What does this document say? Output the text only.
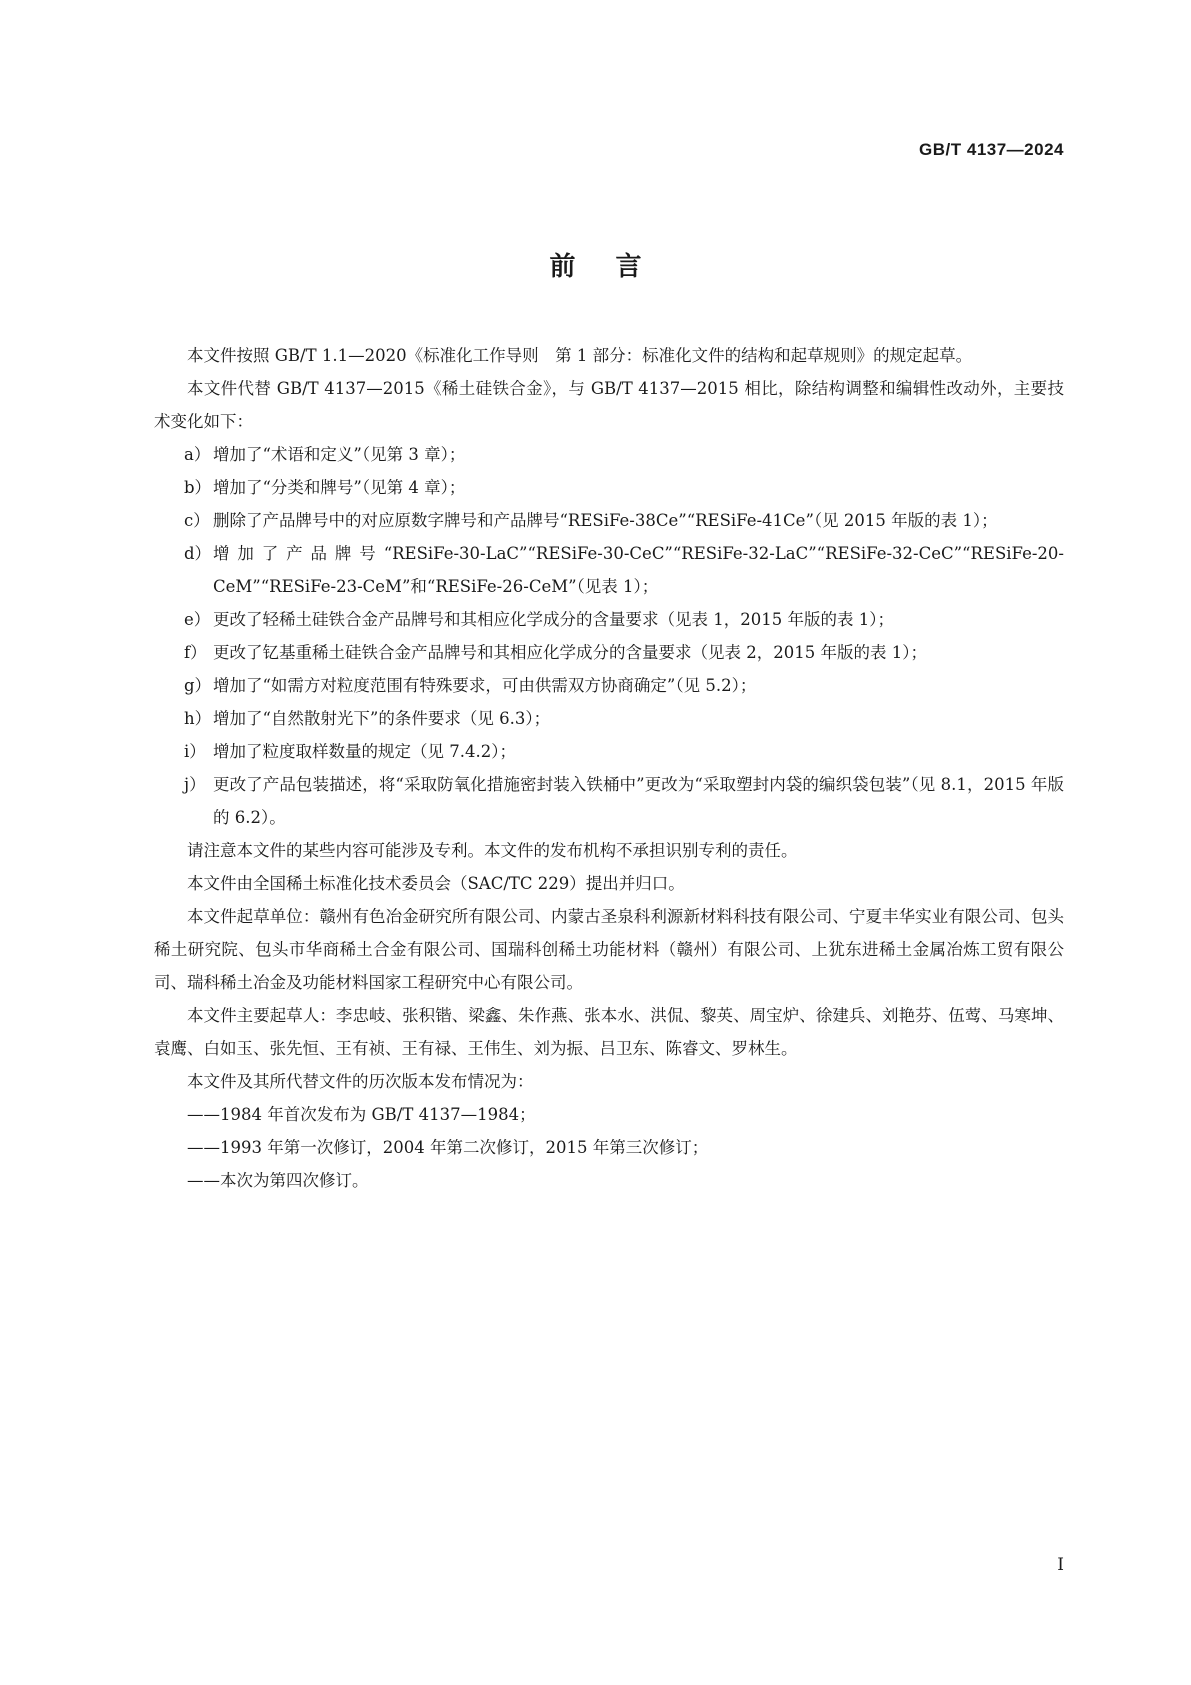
GB/T 4137—2024
前言

本文件按照 GB/T 1.1—2020《标准化工作导则　第 1 部分：标准化文件的结构和起草规则》的规定起草。

本文件代替 GB/T 4137—2015《稀土硅铁合金》，与 GB/T 4137—2015 相比，除结构调整和编辑性改动外，主要技术变化如下：

a） 增加了“术语和定义”（见第 3 章）；

b） 增加了“分类和牌号”（见第 4 章）；

c） 删除了产品牌号中的对应原数字牌号和产品牌号“RESiFe-38Ce”“RESiFe-41Ce”（见 2015 年版的表 1）；

d） 增加了产品牌号“RESiFe-30-LaC”“RESiFe-30-CeC”“RESiFe-32-LaC”“RESiFe-32-CeC”“RESiFe-20-CeM”“RESiFe-23-CeM”和“RESiFe-26-CeM”（见表 1）；

e） 更改了轻稀土硅铁合金产品牌号和其相应化学成分的含量要求（见表 1，2015 年版的表 1）；

f） 更改了钇基重稀土硅铁合金产品牌号和其相应化学成分的含量要求（见表 2，2015 年版的表 1）；

g） 增加了“如需方对粒度范围有特殊要求，可由供需双方协商确定”（见 5.2）；

h） 增加了“自然散射光下”的条件要求（见 6.3）；

i） 增加了粒度取样数量的规定（见 7.4.2）；

j） 更改了产品包装描述，将“采取防氧化措施密封装入铁桶中”更改为“采取塑封内袋的编织袋包装”（见 8.1，2015 年版的 6.2）。

请注意本文件的某些内容可能涉及专利。本文件的发布机构不承担识别专利的责任。

本文件由全国稀土标准化技术委员会（SAC/TC 229）提出并归口。

本文件起草单位：赣州有色冶金研究所有限公司、内蒙古圣泉科利源新材料科技有限公司、宁夏丰华实业有限公司、包头稀土研究院、包头市华商稀土合金有限公司、国瑞科创稀土功能材料（赣州）有限公司、上犹东进稀土金属冶炼工贸有限公司、瑞科稀土冶金及功能材料国家工程研究中心有限公司。

本文件主要起草人：李忠岐、张积锴、梁鑫、朱作燕、张本水、洪侃、黎英、周宝炉、徐建兵、刘艳芬、伍莺、马寒坤、袁鹰、白如玉、张先恒、王有祯、王有禄、王伟生、刘为振、吕卫东、陈睿文、罗林生。

本文件及其所代替文件的历次版本发布情况为：

——1984 年首次发布为 GB/T 4137—1984；

——1993 年第一次修订，2004 年第二次修订，2015 年第三次修订；

——本次为第四次修订。

I
